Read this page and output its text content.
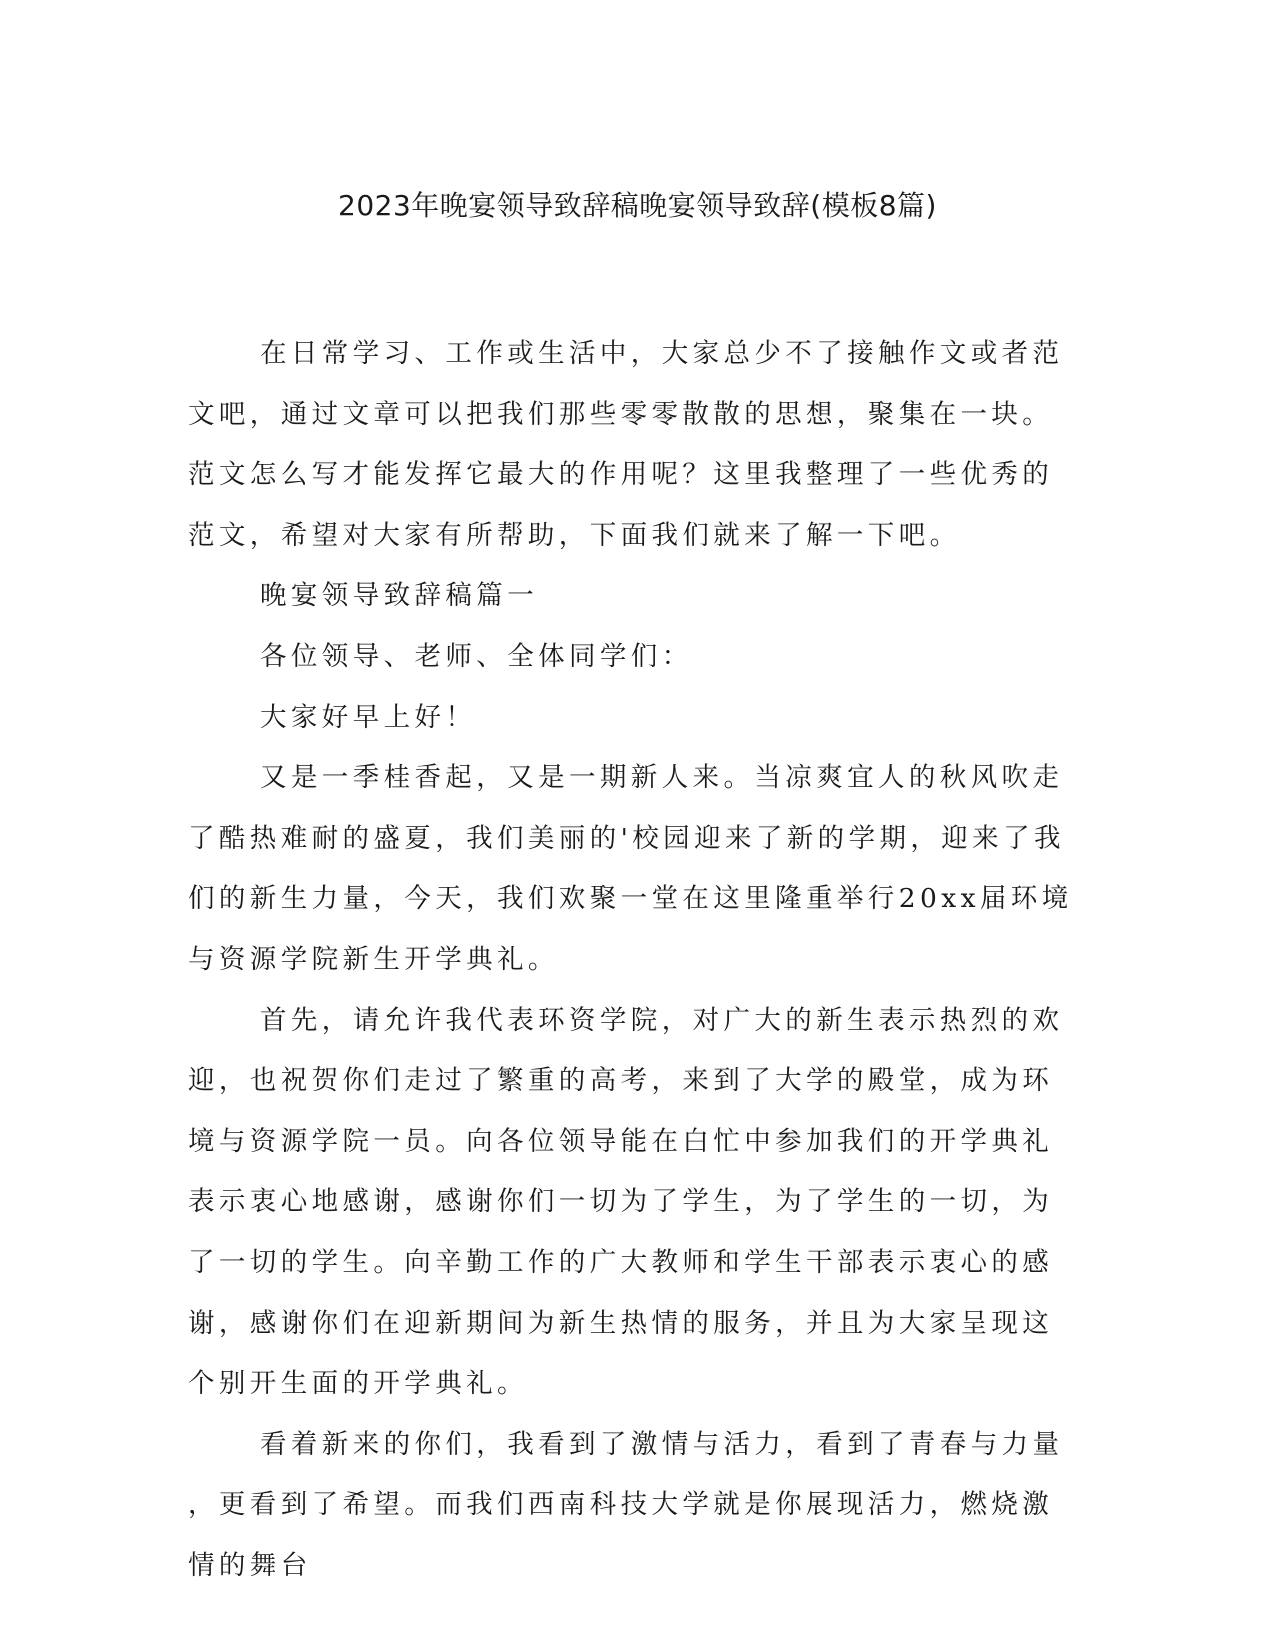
2023年晚宴领导致辞稿晚宴领导致辞(模板8篇)

在日常学习、工作或生活中，大家总少不了接触作文或者范文吧，通过文章可以把我们那些零零散散的思想，聚集在一块。范文怎么写才能发挥它最大的作用呢？这里我整理了一些优秀的范文，希望对大家有所帮助，下面我们就来了解一下吧。

晚宴领导致辞稿篇一

各位领导、老师、全体同学们：

大家好早上好！

又是一季桂香起，又是一期新人来。当凉爽宜人的秋风吹走了酷热难耐的盛夏，我们美丽的'校园迎来了新的学期，迎来了我们的新生力量，今天，我们欢聚一堂在这里隆重举行20xx届环境与资源学院新生开学典礼。

首先，请允许我代表环资学院，对广大的新生表示热烈的欢迎，也祝贺你们走过了繁重的高考，来到了大学的殿堂，成为环境与资源学院一员。向各位领导能在白忙中参加我们的开学典礼表示衷心地感谢，感谢你们一切为了学生，为了学生的一切，为了一切的学生。向辛勤工作的广大教师和学生干部表示衷心的感谢，感谢你们在迎新期间为新生热情的服务，并且为大家呈现这个别开生面的开学典礼。

看着新来的你们，我看到了激情与活力，看到了青春与力量，更看到了希望。而我们西南科技大学就是你展现活力，燃烧激情的舞台
